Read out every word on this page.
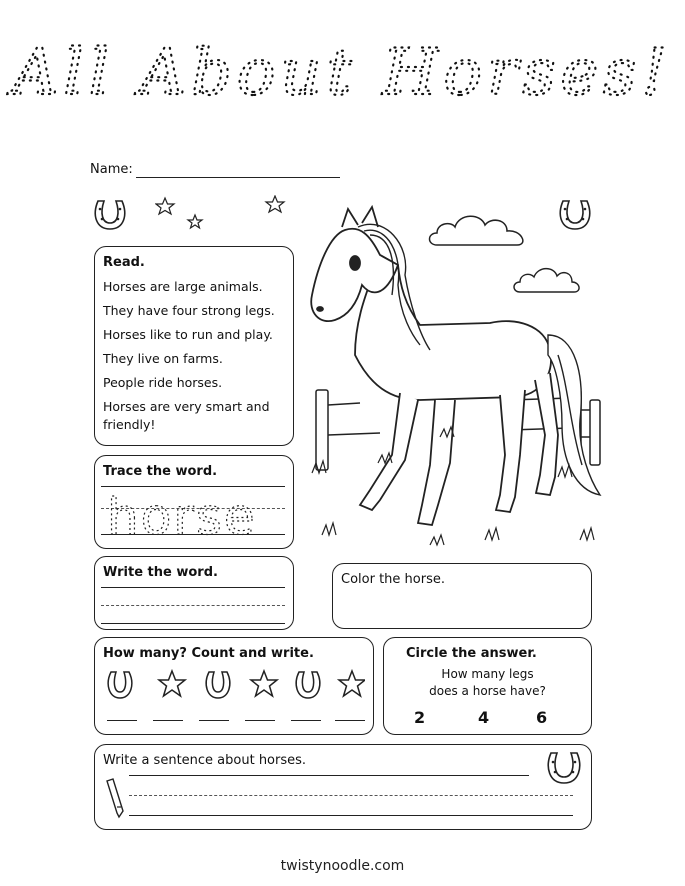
All About Horses!
Name:
Read.
Horses are large animals.
They have four strong legs.
Horses like to run and play.
They live on farms.
People ride horses.
Horses are very smart and
friendly!
Trace the word.
horse
Write the word.	Color the horse.
How many? Count and write.	Circle the answer.
How many legs
does a horse have?
2	4	6
Write a sentence about horses.
twistynoodle.com
